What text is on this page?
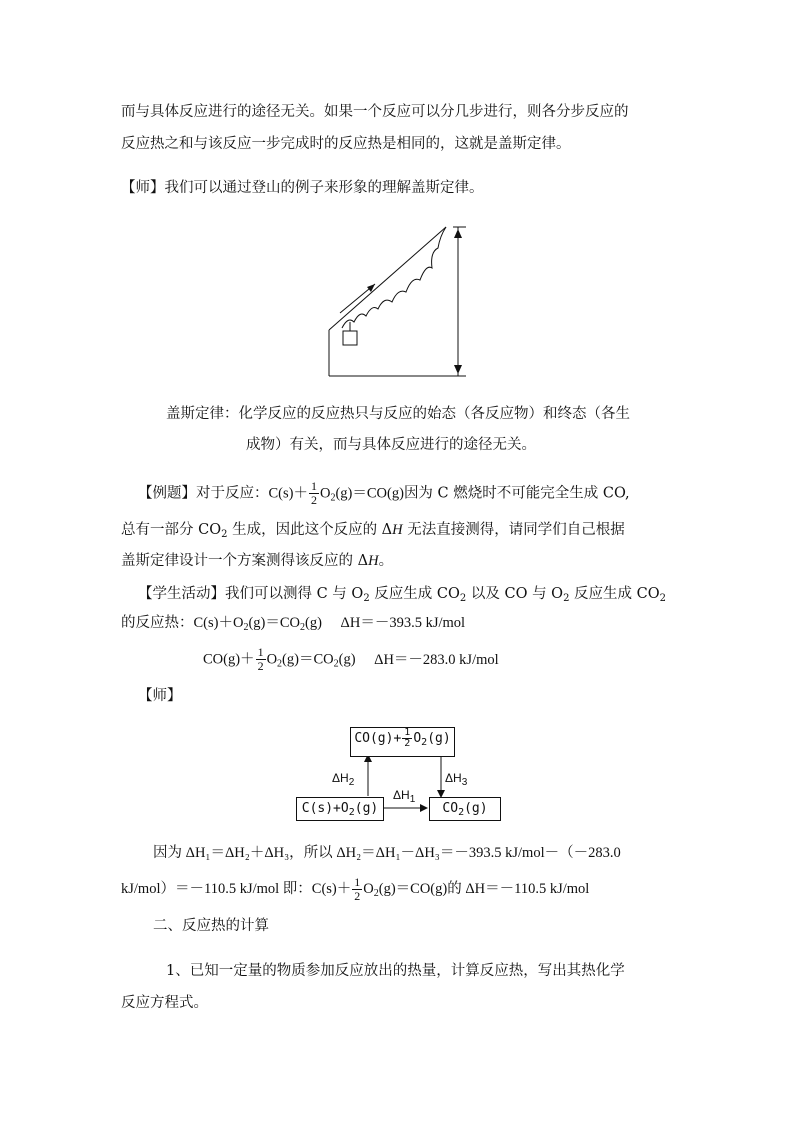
而与具体反应进行的途径无关。如果一个反应可以分几步进行，则各分步反应的
反应热之和与该反应一步完成时的反应热是相同的，这就是盖斯定律。
【师】我们可以通过登山的例子来形象的理解盖斯定律。
盖斯定律：化学反应的反应热只与反应的始态（各反应物）和终态（各生
成物）有关，而与具体反应进行的途径无关。
【例题】对于反应：$C(s)+ \frac{1}{2} O_2(g)=CO(g)$因为 C 燃烧时不可能完全生成 CO,
总有一部分 $CO_2$ 生成，因此这个反应的 ΔH 无法直接测得，请同学们自己根据
盖斯定律设计一个方案测得该反应的 ΔH。
【学生活动】我们可以测得 C 与 $O_2$ 反应生成 $CO_2$ 以及 CO 与 $O_2$ 反应生成 $CO_2$
的反应热：$C(s)+O_2(g)=CO_2(g)$ ΔH＝－393.5 kJ/mol
$CO(g)+ \frac{1}{2} O_2(g)=CO_2(g)$ ΔH＝－283.0 kJ/mol
【师】
$CO(g)+ \frac{1}{2} O_2(g)$
$C(s)+O_2(g)$	$CO_2(g)$
$\Delta H_2$	$\Delta H_3$
$\Delta H_1$
因为 ΔH₁＝ΔH₂＋ΔH₃，所以 ΔH₂＝ΔH₁－ΔH₃＝－393.5 kJ/mol－（－283.0
kJ/mol）＝－110.5 kJ/mol 即：$C(s)+ \frac{1}{2} O_2(g)=CO(g)$的 ΔH＝－110.5 kJ/mol
二、反应热的计算
1、已知一定量的物质参加反应放出的热量，计算反应热，写出其热化学
反应方程式。
